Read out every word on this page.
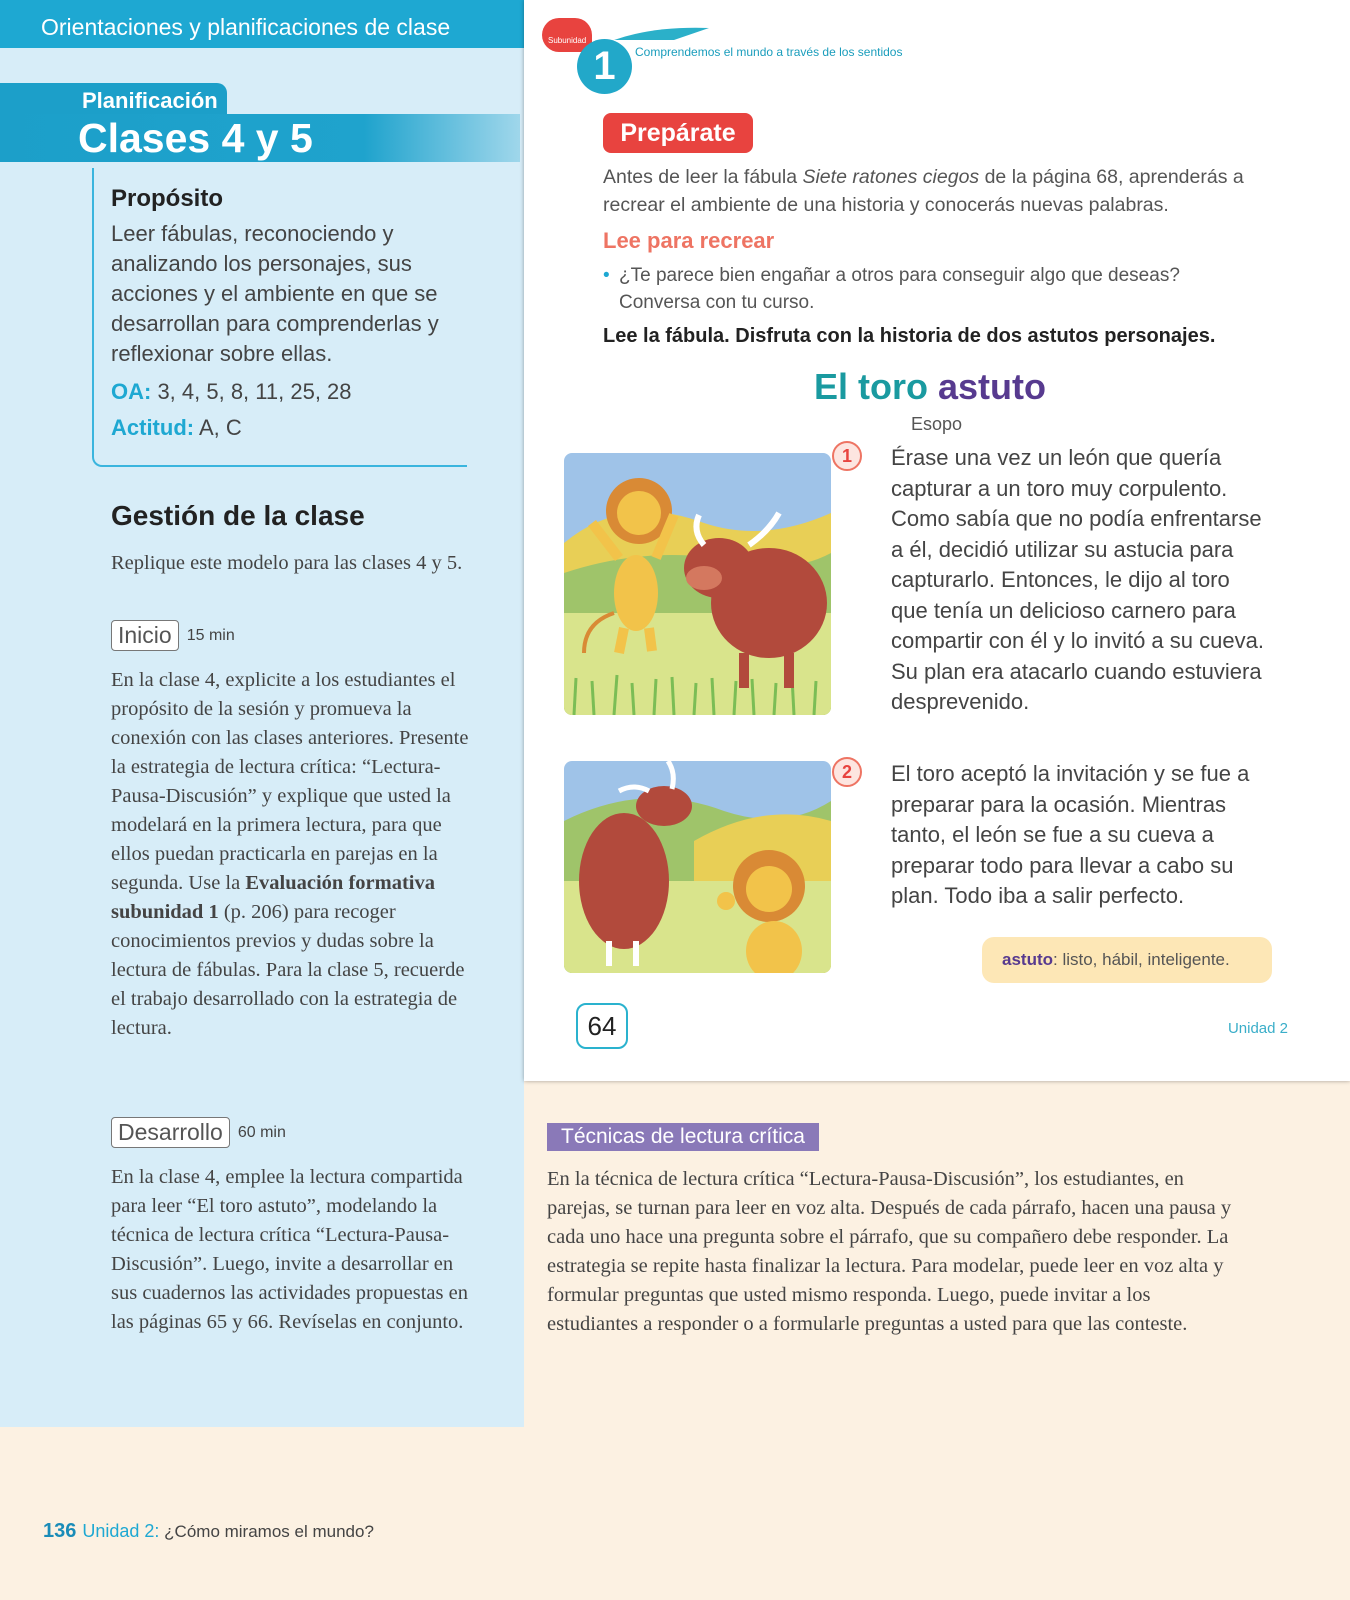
Orientaciones y planificaciones de clase
Planificación
Clases 4 y 5
Propósito
Leer fábulas, reconociendo y analizando los personajes, sus acciones y el ambiente en que se desarrollan para comprenderlas y reflexionar sobre ellas.
OA: 3, 4, 5, 8, 11, 25, 28
Actitud: A, C
Gestión de la clase
Replique este modelo para las clases 4 y 5.
Inicio 15 min
En la clase 4, explicite a los estudiantes el propósito de la sesión y promueva la conexión con las clases anteriores. Presente la estrategia de lectura crítica: “Lectura-Pausa-Discusión” y explique que usted la modelará en la primera lectura, para que ellos puedan practicarla en parejas en la segunda. Use la Evaluación formativa subunidad 1 (p. 206) para recoger conocimientos previos y dudas sobre la lectura de fábulas. Para la clase 5, recuerde el trabajo desarrollado con la estrategia de lectura.
Desarrollo 60 min
En la clase 4, emplee la lectura compartida para leer “El toro astuto”, modelando la técnica de lectura crítica “Lectura-Pausa-Discusión”. Luego, invite a desarrollar en sus cuadernos las actividades propuestas en las páginas 65 y 66. Revíselas en conjunto.
Subunidad
1	Comprendemos el mundo a través de los sentidos
Prepárate
Antes de leer la fábula Siete ratones ciegos de la página 68, aprenderás a recrear el ambiente de una historia y conocerás nuevas palabras.
Lee para recrear
• ¿Te parece bien engañar a otros para conseguir algo que deseas? Conversa con tu curso.
Lee la fábula. Disfruta con la historia de dos astutos personajes.
El toro astuto
Esopo
1	Érase una vez un león que quería capturar a un toro muy corpulento. Como sabía que no podía enfrentarse a él, decidió utilizar su astucia para capturarlo. Entonces, le dijo al toro que tenía un delicioso carnero para compartir con él y lo invitó a su cueva. Su plan era atacarlo cuando estuviera desprevenido.
2	El toro aceptó la invitación y se fue a preparar para la ocasión. Mientras tanto, el león se fue a su cueva a preparar todo para llevar a cabo su plan. Todo iba a salir perfecto.
astuto: listo, hábil, inteligente.
64	Unidad 2
Técnicas de lectura crítica
En la técnica de lectura crítica “Lectura-Pausa-Discusión”, los estudiantes, en parejas, se turnan para leer en voz alta. Después de cada párrafo, hacen una pausa y cada uno hace una pregunta sobre el párrafo, que su compañero debe responder. La estrategia se repite hasta finalizar la lectura. Para modelar, puede leer en voz alta y formular preguntas que usted mismo responda. Luego, puede invitar a los estudiantes a responder o a formularle preguntas a usted para que las conteste.
136 Unidad 2: ¿Cómo miramos el mundo?
